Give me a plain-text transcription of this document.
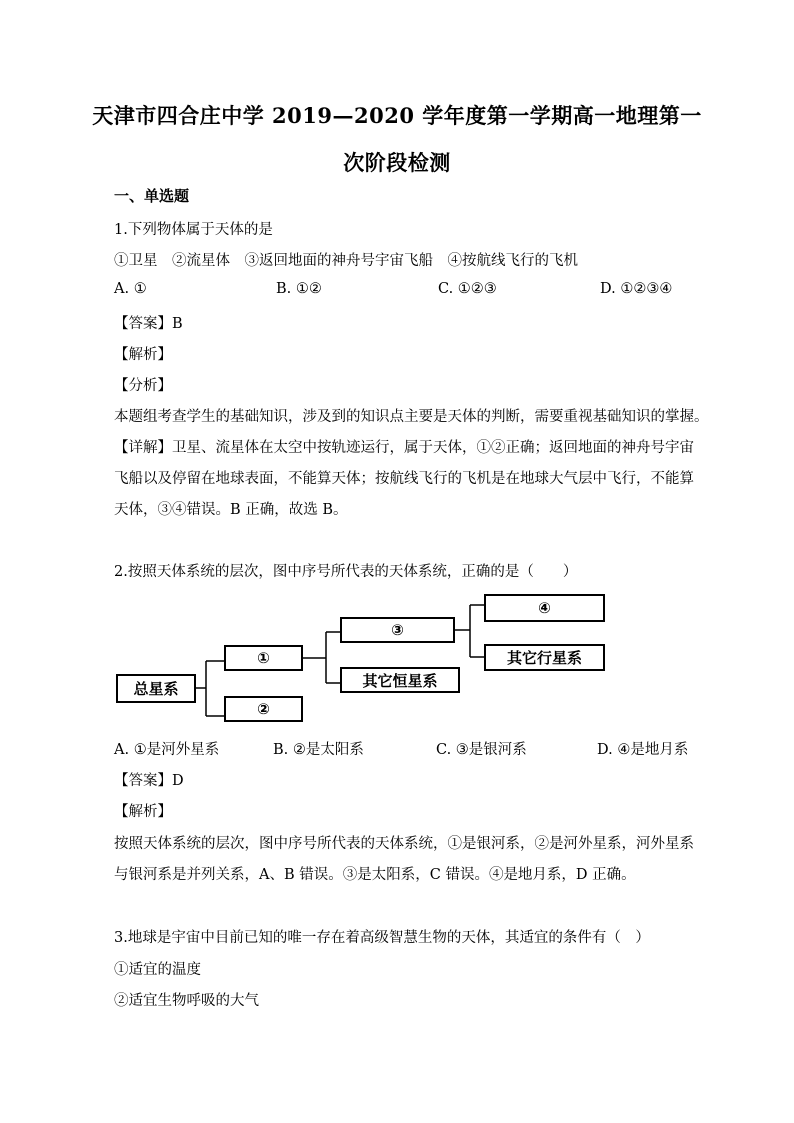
天津市四合庄中学 2019—2020 学年度第一学期高一地理第一
次阶段检测
一、单选题
1.下列物体属于天体的是
①卫星　②流星体　③返回地面的神舟号宇宙飞船　④按航线飞行的飞机
A. ①	B. ①②	C. ①②③	D. ①②③④
【答案】B
【解析】
【分析】
本题组考查学生的基础知识，涉及到的知识点主要是天体的判断，需要重视基础知识的掌握。
【详解】卫星、流星体在太空中按轨迹运行，属于天体，①②正确；返回地面的神舟号宇宙
飞船以及停留在地球表面，不能算天体；按航线飞行的飞机是在地球大气层中飞行，不能算
天体，③④错误。B 正确，故选 B。
2.按照天体系统的层次，图中序号所代表的天体系统，正确的是（　　）
总星系
①
②
③
其它恒星系
④
其它行星系
A. ①是河外星系	B. ②是太阳系	C. ③是银河系	D. ④是地月系
【答案】D
【解析】
按照天体系统的层次，图中序号所代表的天体系统，①是银河系，②是河外星系，河外星系
与银河系是并列关系，A、B 错误。③是太阳系，C 错误。④是地月系，D 正确。
3.地球是宇宙中目前已知的唯一存在着高级智慧生物的天体，其适宜的条件有（　）
①适宜的温度
②适宜生物呼吸的大气
